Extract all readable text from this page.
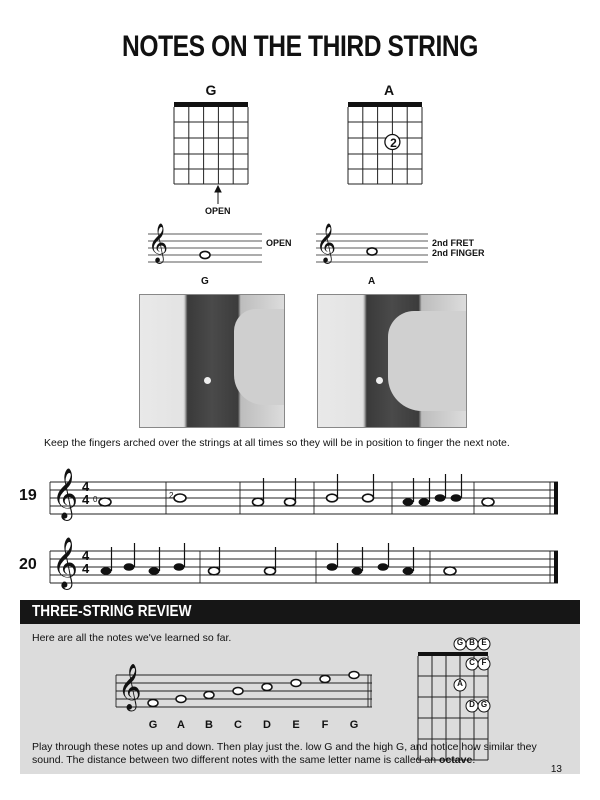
NOTES ON THE THIRD STRING
G	A
𝄞	𝄞
𝄞
𝄞
OPEN
2
OPEN	2nd FRET
2nd FINGER
G	A
Keep the fingers arched over the strings at all times so they will be in position to finger the next note.
19
4
4 0	2
20
4
4
THREE-STRING REVIEW
Here are all the notes we've learned so far.
𝄞
G	A	B	C	D	E	F	G
G B E
C F
A
D G
Play through these notes up and down. Then play just the. low G and the high G, and notice how similar they sound. The distance between two different notes with the same letter name is called an octave.
13
